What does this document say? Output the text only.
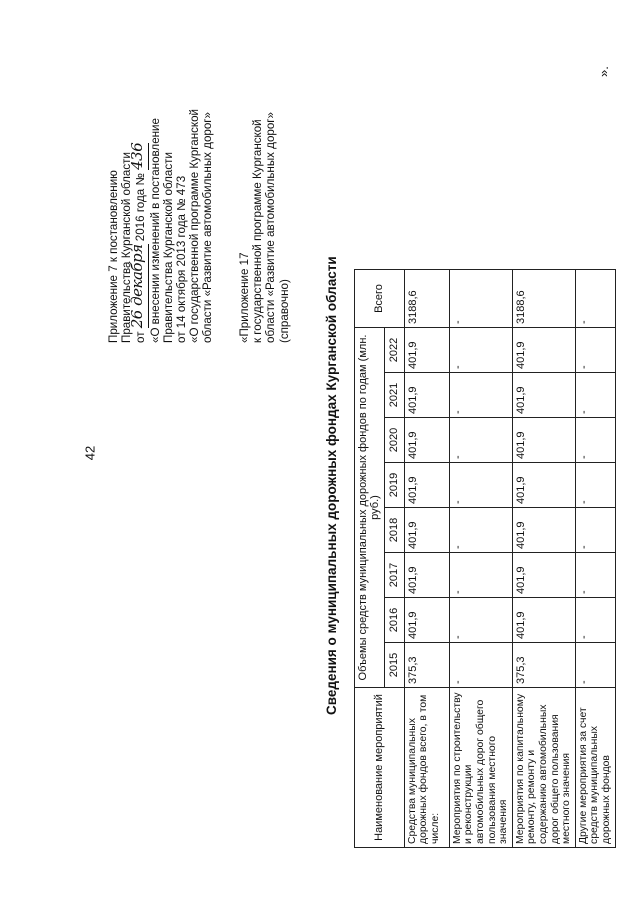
42
Приложение 7 к постановлению Правительства Курганской области от 26 декабря 2016 года № 436 «О внесении изменений в постановление Правительства Курганской области от 14 октября 2013 года № 473 «О государственной программе Курганской области «Развитие автомобильных дорог» «Приложение 17 к государственной программе Курганской области «Развитие автомобильных дорог» (справочно) Сведения о муниципальных дорожных фондах Курганской области
Наименование мероприятий	Объемы средств муниципальных дорожных фондов по годам (млн. руб.)								Всего
	2015	2016	2017	2018	2019	2020	2021	2022	
Средства муниципальных дорожных фондов всего, в том числе:	375,3	401,9	401,9	401,9	401,9	401,9	401,9	401,9	3188,6
Мероприятия по строительству и реконструкции автомобильных дорог общего пользования местного значения	-	-	-	-	-	-	-	-	-
Мероприятия по капитальному ремонту, ремонту и содержанию автомобильных дорог общего пользования местного значения	375,3	401,9	401,9	401,9	401,9	401,9	401,9	401,9	3188,6
Другие мероприятия за счет средств муниципальных дорожных фондов	-	-	-	-	-	-	-	-	-
».
